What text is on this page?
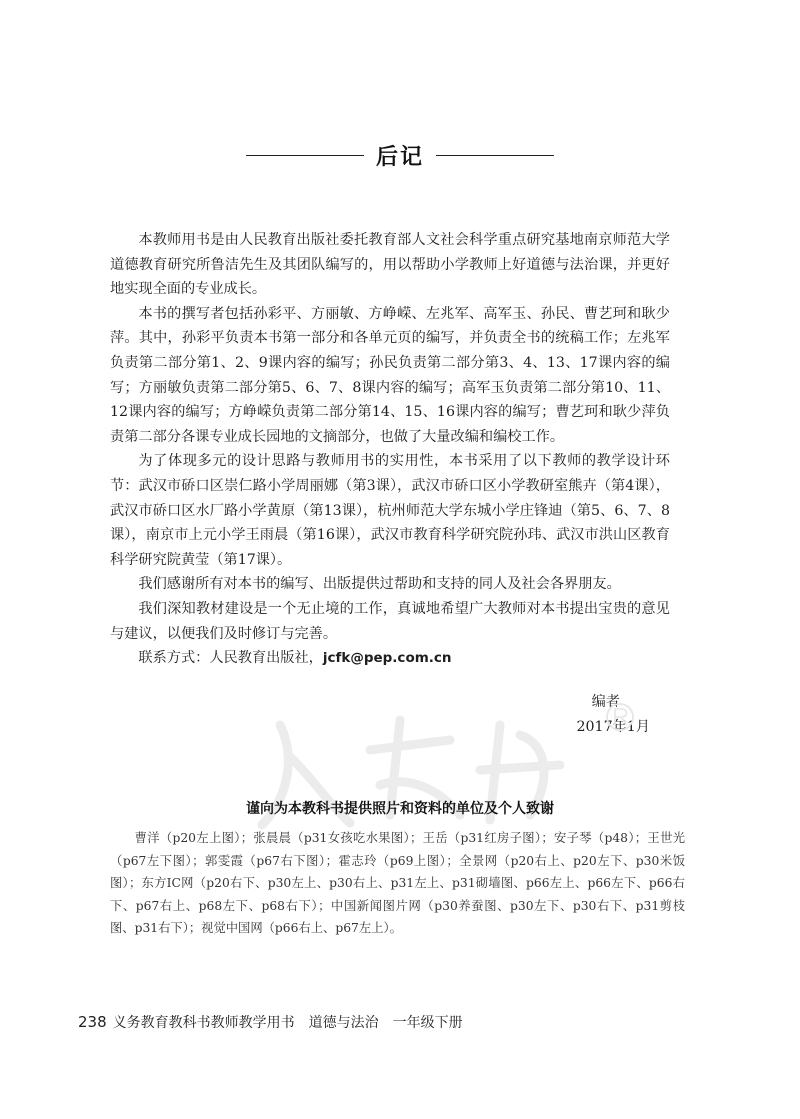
后记

本教师用书是由人民教育出版社委托教育部人文社会科学重点研究基地南京师范大学道德教育研究所鲁洁先生及其团队编写的，用以帮助小学教师上好道德与法治课，并更好地实现全面的专业成长。

本书的撰写者包括孙彩平、方丽敏、方峥嵘、左兆军、高军玉、孙民、曹艺珂和耿少萍。其中，孙彩平负责本书第一部分和各单元页的编写，并负责全书的统稿工作；左兆军负责第二部分第1、2、9课内容的编写；孙民负责第二部分第3、4、13、17课内容的编写；方丽敏负责第二部分第5、6、7、8课内容的编写；高军玉负责第二部分第10、11、12课内容的编写；方峥嵘负责第二部分第14、15、16课内容的编写；曹艺珂和耿少萍负责第二部分各课专业成长园地的文摘部分，也做了大量改编和编校工作。

为了体现多元的设计思路与教师用书的实用性，本书采用了以下教师的教学设计环节：武汉市硚口区崇仁路小学周丽娜（第3课），武汉市硚口区小学教研室熊卉（第4课），武汉市硚口区水厂路小学黄原（第13课），杭州师范大学东城小学庄锋迪（第5、6、7、8课），南京市上元小学王雨晨（第16课），武汉市教育科学研究院孙玮、武汉市洪山区教育科学研究院黄莹（第17课）。

我们感谢所有对本书的编写、出版提供过帮助和支持的同人及社会各界朋友。

我们深知教材建设是一个无止境的工作，真诚地希望广大教师对本书提出宝贵的意见与建议，以便我们及时修订与完善。

联系方式：人民教育出版社，jcfk@pep.com.cn

编者
2017年1月
谨向为本教科书提供照片和资料的单位及个人致谢

曹洋（p20左上图）；张晨晨（p31女孩吃水果图）；王岳（p31红房子图）；安子琴（p48）；王世光（p67左下图）；郭雯霞（p67右下图）；霍志玲（p69上图）；全景网（p20右上、p20左下、p30米饭图）；东方IC网（p20右下、p30左上、p30右上、p31左上、p31砌墙图、p66左上、p66左下、p66右下、p67右上、p68左下、p68右下）；中国新闻图片网（p30养蚕图、p30左下、p30右下、p31剪枝图、p31右下）；视觉中国网（p66右上、p67左上）。

238 义务教育教科书教师教学用书 道德与法治 一年级下册
